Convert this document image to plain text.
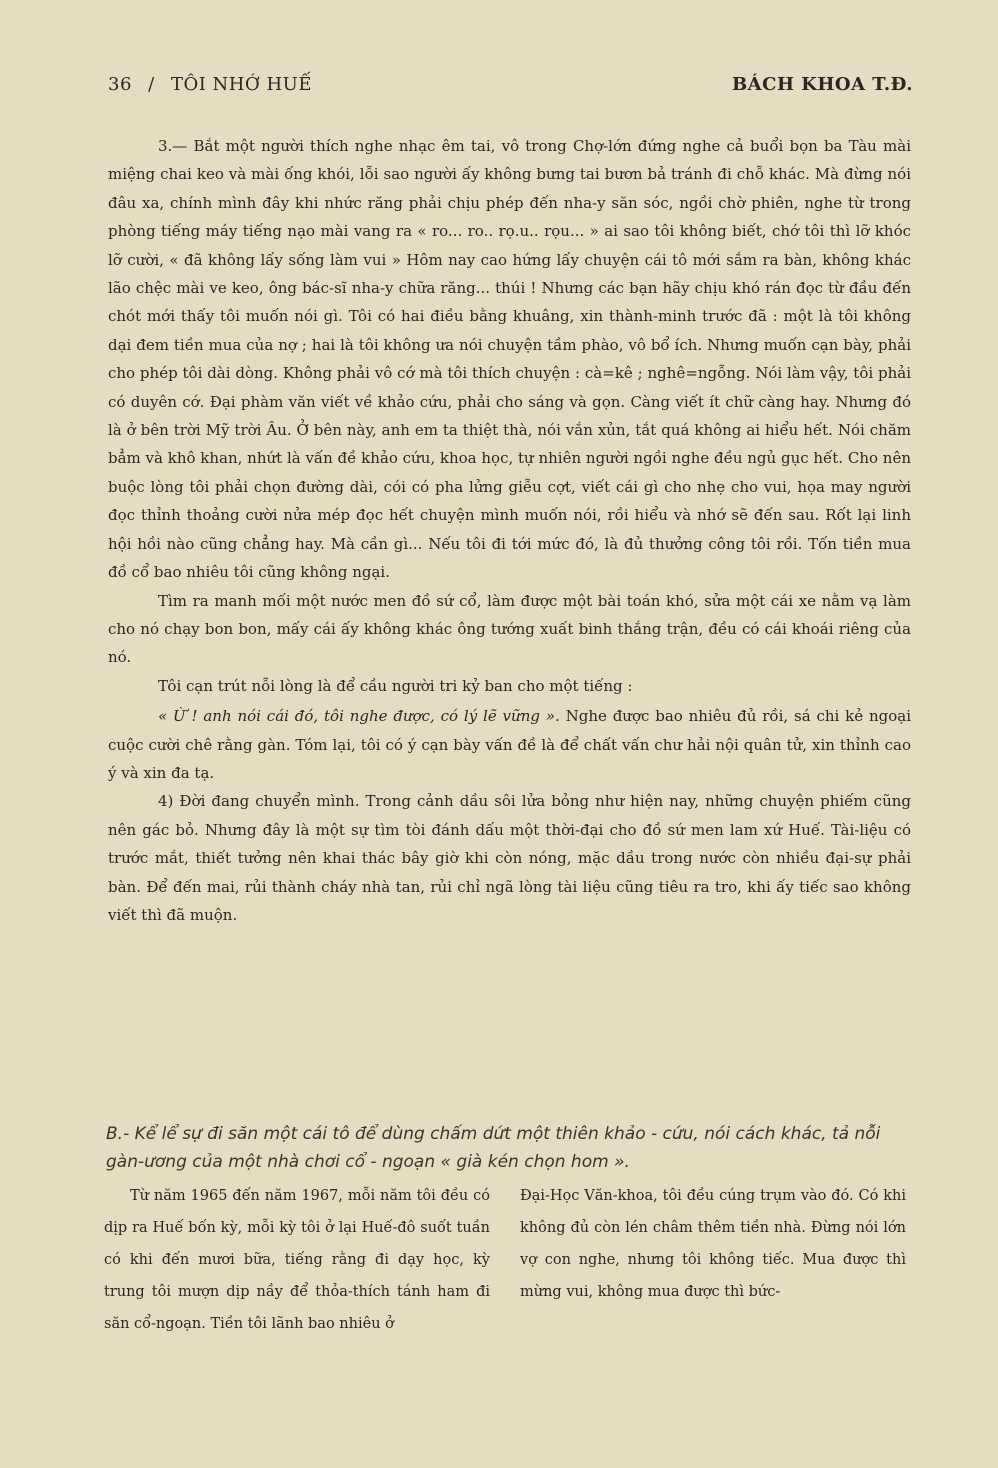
36 / TÔI NHỚ HUẾ	BÁCH KHOA T.Đ.

3.— Bắt một người thích nghe nhạc êm tai, vô trong Chợ-lớn đứng nghe cả buổi bọn ba Tàu mài miệng chai keo và mài ống khói, lỗi sao người ấy không bưng tai bươn bả tránh đi chỗ khác. Mà đừng nói đâu xa, chính mình đây khi nhức răng phải chịu phép đến nha-y săn sóc, ngồi chờ phiên, nghe từ trong phòng tiếng máy tiếng nạo mài vang ra « ro... ro.. rọ.u.. rọu... » ai sao tôi không biết, chớ tôi thì lỡ khóc lỡ cười, « đã không lấy sống làm vui » Hôm nay cao hứng lấy chuyện cái tô mới sắm ra bàn, không khác lão chệc mài ve keo, ông bác-sĩ nha-y chữa răng... thúi ! Nhưng các bạn hãy chịu khó rán đọc từ đầu đến chót mới thấy tôi muốn nói gì. Tôi có hai điều bằng khuâng, xin thành-minh trước đã : một là tôi không dại đem tiền mua của nợ ; hai là tôi không ưa nói chuyện tầm phào, vô bổ ích. Nhưng muốn cạn bày, phải cho phép tôi dài dòng. Không phải vô cớ mà tôi thích chuyện : cà=kê ; nghê=ngỗng. Nói làm vậy, tôi phải có duyên cớ. Đại phàm văn viết về khảo cứu, phải cho sáng và gọn. Càng viết ít chữ càng hay. Nhưng đó là ở bên trời Mỹ trời Âu. Ở bên này, anh em ta thiệt thà, nói vắn xủn, tắt quá không ai hiểu hết. Nói chăm bẳm và khô khan, nhứt là vấn đề khảo cứu, khoa học, tự nhiên người ngồi nghe đều ngủ gục hết. Cho nên buộc lòng tôi phải chọn đường dài, cói có pha lửng giễu cợt, viết cái gì cho nhẹ cho vui, họa may người đọc thỉnh thoảng cười nửa mép đọc hết chuyện mình muốn nói, rồi hiểu và nhớ sẽ đến sau. Rốt lại linh hội hồi nào cũng chẳng hay. Mà cần gì... Nếu tôi đi tới mức đó, là đủ thưởng công tôi rồi. Tốn tiền mua đồ cổ bao nhiêu tôi cũng không ngại.

Tìm ra manh mối một nước men đồ sứ cổ, làm được một bài toán khó, sửa một cái xe nằm vạ làm cho nó chạy bon bon, mấy cái ấy không khác ông tướng xuất binh thắng trận, đều có cái khoái riêng của nó.

Tôi cạn trút nỗi lòng là để cầu người tri kỷ ban cho một tiếng :

« Ừ ! anh nói cái đó, tôi nghe được, có lý lẽ vững ». Nghe được bao nhiêu đủ rồi, sá chi kẻ ngoại cuộc cười chê rằng gàn. Tóm lại, tôi có ý cạn bày vấn đề là để chất vấn chư hải nội quân tử, xin thỉnh cao ý và xin đa tạ.

4) Đời đang chuyển mình. Trong cảnh dầu sôi lửa bỏng như hiện nay, những chuyện phiếm cũng nên gác bỏ. Nhưng đây là một sự tìm tòi đánh dấu một thời-đại cho đồ sứ men lam xứ Huế. Tài-liệu có trước mắt, thiết tưởng nên khai thác bây giờ khi còn nóng, mặc dầu trong nước còn nhiều đại-sự phải bàn. Để đến mai, rủi thành cháy nhà tan, rủi chỉ ngã lòng tài liệu cũng tiêu ra tro, khi ấy tiếc sao không viết thì đã muộn.

B.- Kể lể sự đi săn một cái tô để dùng chấm dứt một thiên khảo - cứu, nói cách khác, tả nỗi gàn-ương của một nhà chơi cổ - ngoạn « già kén chọn hom ».

Từ năm 1965 đến năm 1967, mỗi năm tôi đều có dịp ra Huế bốn kỳ, mỗi kỳ tôi ở lại Huế-đô suốt tuần có khi đến mươi bữa, tiếng rằng đi dạy học, kỳ trung tôi mượn dịp nầy để thỏa-thích tánh ham đi săn cổ-ngoạn. Tiền tôi lãnh bao nhiêu ở

Đại-Học Văn-khoa, tôi đều cúng trụm vào đó. Có khi không đủ còn lén châm thêm tiền nhà. Đừng nói lớn vợ con nghe, nhưng tôi không tiếc. Mua được thì mừng vui, không mua được thì bức-
